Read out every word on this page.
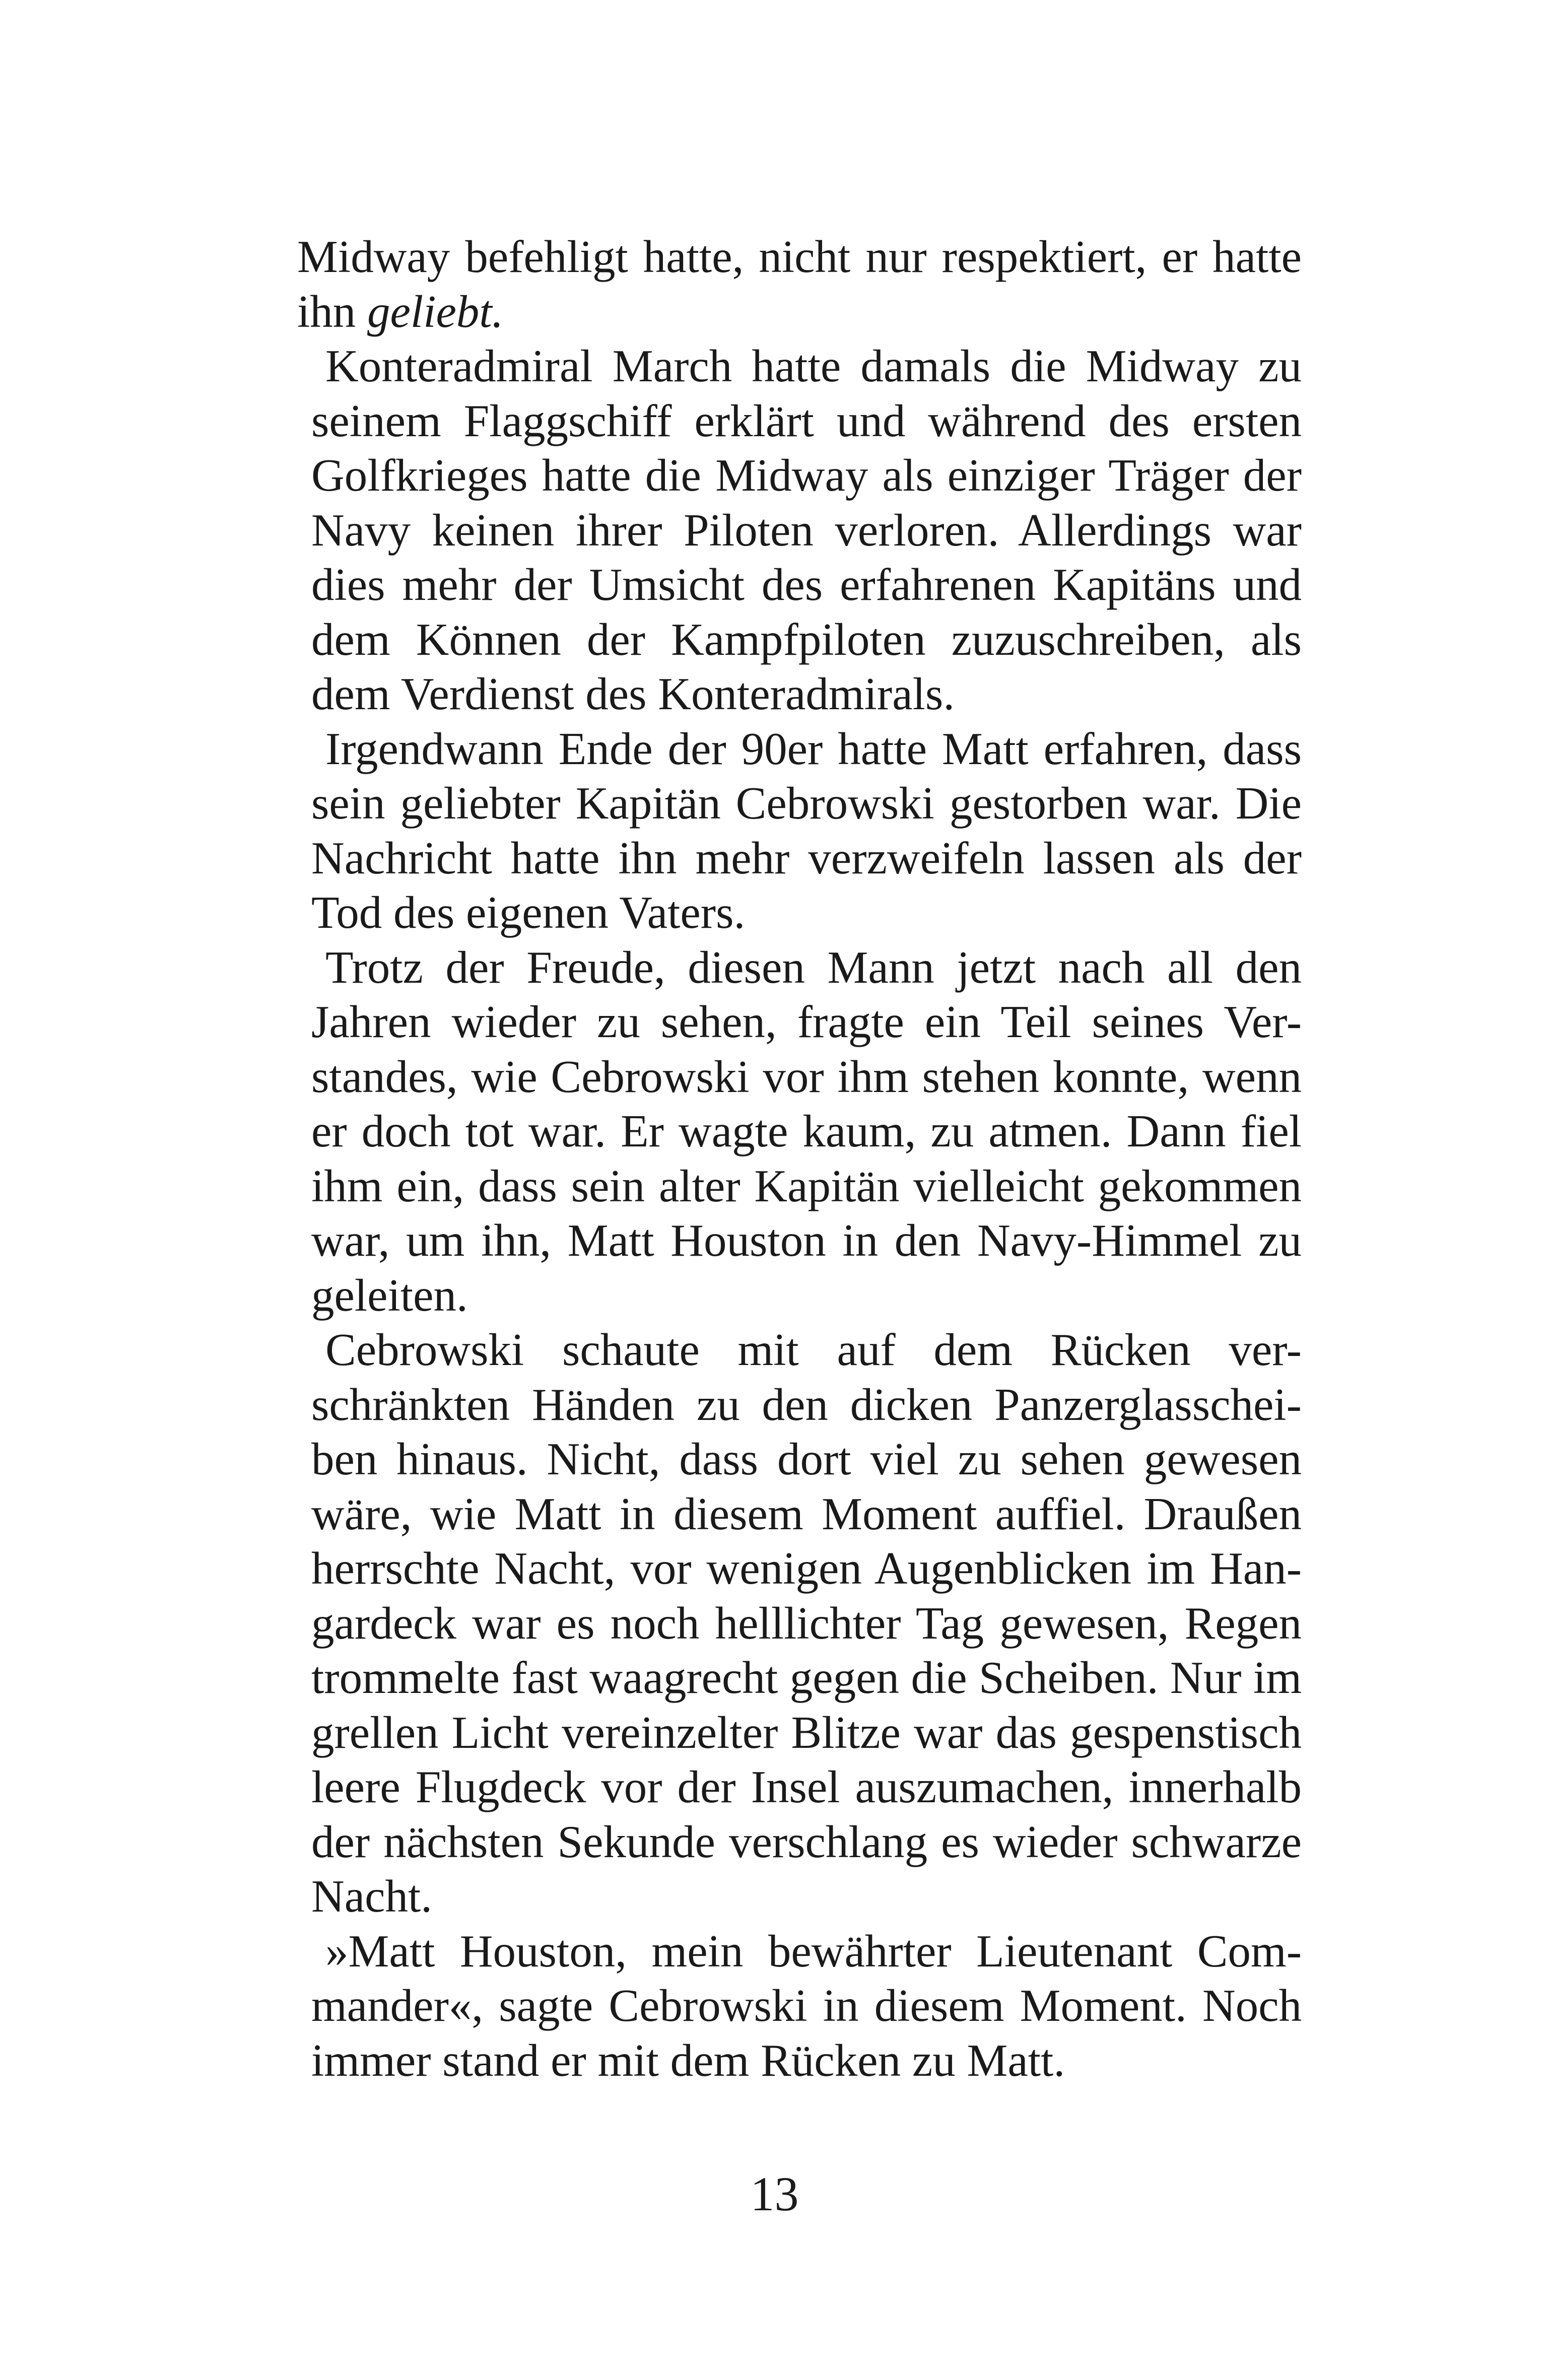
Midway befehligt hatte, nicht nur respektiert, er hatte
ihn geliebt.
Konteradmiral March hatte damals die Midway zu
seinem Flaggschiff erklärt und während des ersten
Golfkrieges hatte die Midway als einziger Träger der
Navy keinen ihrer Piloten verloren. Allerdings war
dies mehr der Umsicht des erfahrenen Kapitäns und
dem Können der Kampfpiloten zuzuschreiben, als
dem Verdienst des Konteradmirals.
Irgendwann Ende der 90er hatte Matt erfahren, dass
sein geliebter Kapitän Cebrowski gestorben war. Die
Nachricht hatte ihn mehr verzweifeln lassen als der
Tod des eigenen Vaters.
Trotz der Freude, diesen Mann jetzt nach all den
Jahren wieder zu sehen, fragte ein Teil seines Ver-
standes, wie Cebrowski vor ihm stehen konnte, wenn
er doch tot war. Er wagte kaum, zu atmen. Dann fiel
ihm ein, dass sein alter Kapitän vielleicht gekommen
war, um ihn, Matt Houston in den Navy-Himmel zu
geleiten.
Cebrowski schaute mit auf dem Rücken ver-
schränkten Händen zu den dicken Panzerglasschei-
ben hinaus. Nicht, dass dort viel zu sehen gewesen
wäre, wie Matt in diesem Moment auffiel. Draußen
herrschte Nacht, vor wenigen Augenblicken im Han-
gardeck war es noch helllichter Tag gewesen, Regen
trommelte fast waagrecht gegen die Scheiben. Nur im
grellen Licht vereinzelter Blitze war das gespenstisch
leere Flugdeck vor der Insel auszumachen, innerhalb
der nächsten Sekunde verschlang es wieder schwarze
Nacht.
»Matt Houston, mein bewährter Lieutenant Com-
mander«, sagte Cebrowski in diesem Moment. Noch
immer stand er mit dem Rücken zu Matt.
13
